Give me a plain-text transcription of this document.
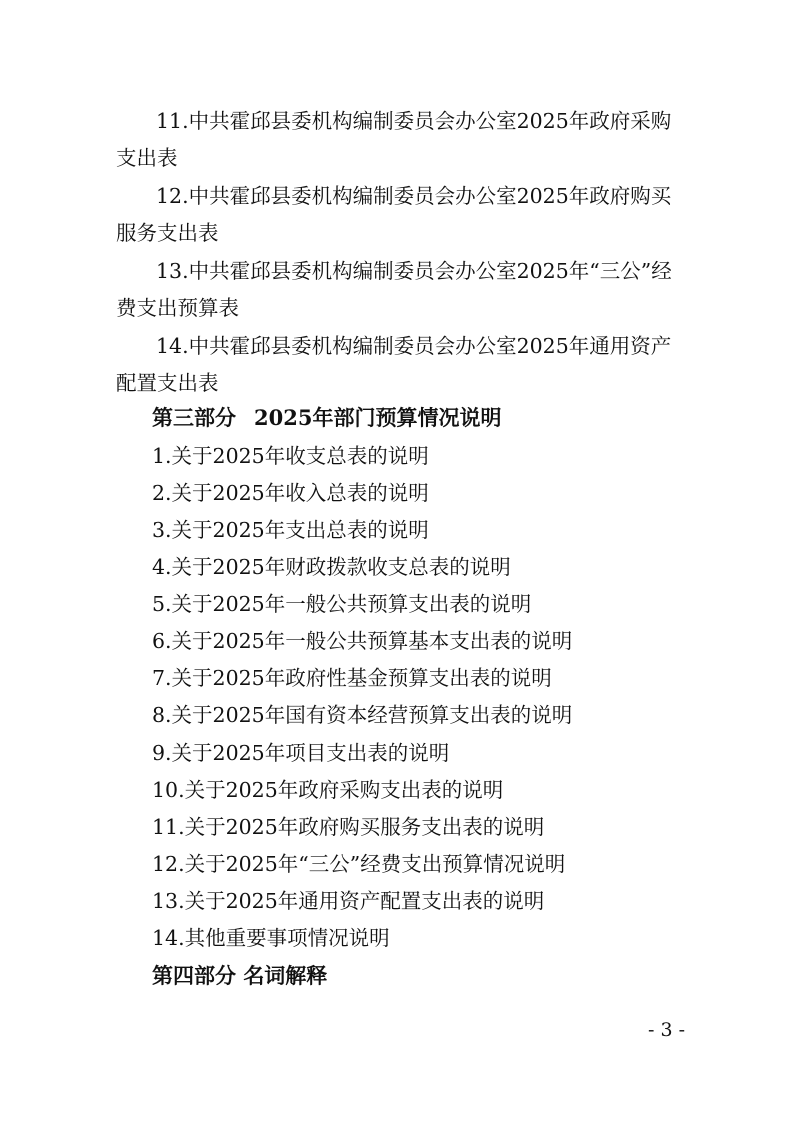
11.中共霍邱县委机构编制委员会办公室2025年政府采购支出表

12.中共霍邱县委机构编制委员会办公室2025年政府购买服务支出表

13.中共霍邱县委机构编制委员会办公室2025年“三公”经费支出预算表

14.中共霍邱县委机构编制委员会办公室2025年通用资产配置支出表

第三部分 2025年部门预算情况说明

1.关于2025年收支总表的说明

2.关于2025年收入总表的说明

3.关于2025年支出总表的说明

4.关于2025年财政拨款收支总表的说明

5.关于2025年一般公共预算支出表的说明

6.关于2025年一般公共预算基本支出表的说明

7.关于2025年政府性基金预算支出表的说明

8.关于2025年国有资本经营预算支出表的说明

9.关于2025年项目支出表的说明

10.关于2025年政府采购支出表的说明

11.关于2025年政府购买服务支出表的说明

12.关于2025年“三公”经费支出预算情况说明

13.关于2025年通用资产配置支出表的说明

14.其他重要事项情况说明

第四部分 名词解释

- 3 -
